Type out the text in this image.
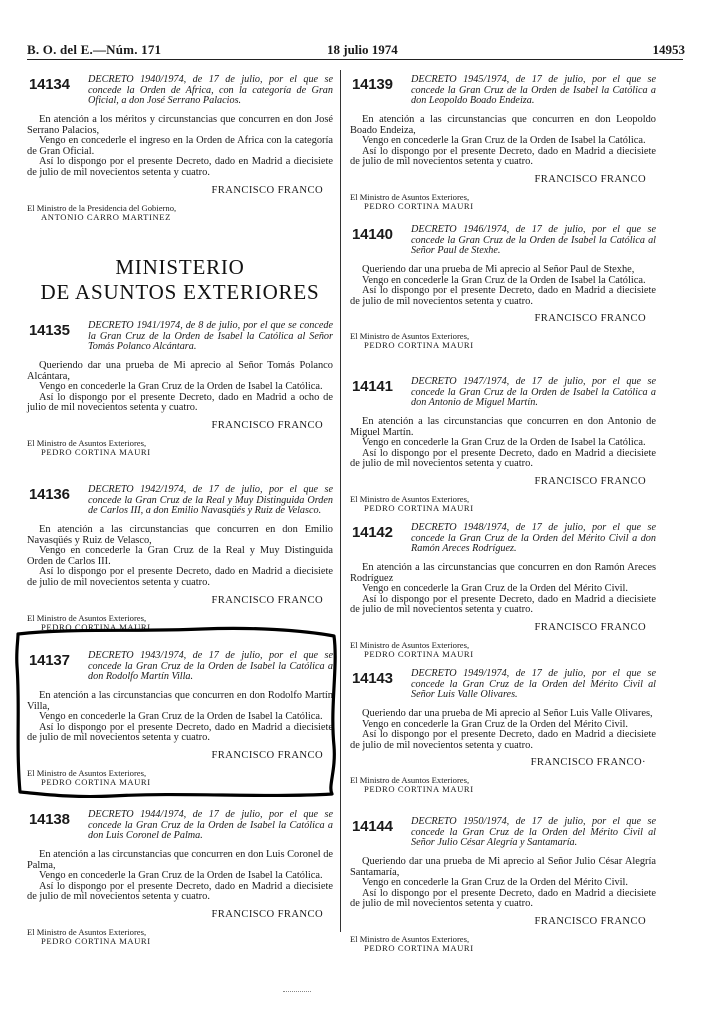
B. O. del E.—Núm. 171	18 julio 1974	14953
14134 DECRETO 1940/1974, de 17 de julio, por el que se concede la Orden de Africa, con la categoría de Gran Oficial, a don José Serrano Palacios.

En atención a los méritos y circunstancias que concurren en don José Serrano Palacios,

Vengo en concederle el ingreso en la Orden de Africa con la categoría de Gran Oficial.

Así lo dispongo por el presente Decreto, dado en Madrid a diecisiete de julio de mil novecientos setenta y cuatro.

FRANCISCO FRANCO
El Ministro de la Presidencia del Gobierno,
ANTONIO CARRO MARTINEZ
MINISTERIO
DE ASUNTOS EXTERIORES
14135 DECRETO 1941/1974, de 8 de julio, por el que se concede la Gran Cruz de la Orden de Isabel la Católica al Señor Tomás Polanco Alcántara.

Queriendo dar una prueba de Mi aprecio al Señor Tomás Polanco Alcántara,

Vengo en concederle la Gran Cruz de la Orden de Isabel la Católica.

Así lo dispongo por el presente Decreto, dado en Madrid a ocho de julio de mil novecientos setenta y cuatro.

FRANCISCO FRANCO
El Ministro de Asuntos Exteriores,
PEDRO CORTINA MAURI
14136 DECRETO 1942/1974, de 17 de julio, por el que se concede la Gran Cruz de la Real y Muy Distinguida Orden de Carlos III, a don Emilio Navasqüés y Ruiz de Velasco.

En atención a las circunstancias que concurren en don Emilio Navasqüés y Ruiz de Velasco,

Vengo en concederle la Gran Cruz de la Real y Muy Distinguida Orden de Carlos III.

Así lo dispongo por el presente Decreto, dado en Madrid a diecisiete de julio de mil novecientos setenta y cuatro.

FRANCISCO FRANCO
El Ministro de Asuntos Exteriores,
PEDRO CORTINA MAURI
14137 DECRETO 1943/1974, de 17 de julio, por el que se concede la Gran Cruz de la Orden de Isabel la Católica a don Rodolfo Martín Villa.

En atención a las circunstancias que concurren en don Rodolfo Martín Villa,

Vengo en concederle la Gran Cruz de la Orden de Isabel la Católica.

Así lo dispongo por el presente Decreto, dado en Madrid a diecisiete de julio de mil novecientos setenta y cuatro.

FRANCISCO FRANCO
El Ministro de Asuntos Exteriores,
PEDRO CORTINA MAURI
14138 DECRETO 1944/1974, de 17 de julio, por el que se concede la Gran Cruz de la Orden de Isabel la Católica a don Luis Coronel de Palma.

En atención a las circunstancias que concurren en don Luis Coronel de Palma,

Vengo en concederle la Gran Cruz de la Orden de Isabel la Católica.

Así lo dispongo por el presente Decreto, dado en Madrid a diecisiete de julio de mil novecientos setenta y cuatro.

FRANCISCO FRANCO
El Ministro de Asuntos Exteriores,
PEDRO CORTINA MAURI
14139 DECRETO 1945/1974, de 17 de julio, por el que se concede la Gran Cruz de la Orden de Isabel la Católica a don Leopoldo Boado Endeiza.

En atención a las circunstancias que concurren en don Leopoldo Boado Endeiza,

Vengo en concederle la Gran Cruz de la Orden de Isabel la Católica.

Así lo dispongo por el presente Decreto, dado en Madrid a diecisiete de julio de mil novecientos setenta y cuatro.

FRANCISCO FRANCO
El Ministro de Asuntos Exteriores,
PEDRO CORTINA MAURI
14140 DECRETO 1946/1974, de 17 de julio, por el que se concede la Gran Cruz de la Orden de Isabel la Católica al Señor Paul de Stexhe.

Queriendo dar una prueba de Mi aprecio al Señor Paul de Stexhe,

Vengo en concederle la Gran Cruz de la Orden de Isabel la Católica.

Así lo dispongo por el presente Decreto, dado en Madrid a diecisiete de julio de mil novecientos setenta y cuatro.

FRANCISCO FRANCO
El Ministro de Asuntos Exteriores,
PEDRO CORTINA MAURI
14141 DECRETO 1947/1974, de 17 de julio, por el que se concede la Gran Cruz de la Orden de Isabel la Católica a don Antonio de Miguel Martín.

En atención a las circunstancias que concurren en don Antonio de Miguel Martín.

Vengo en concederle la Gran Cruz de la Orden de Isabel la Católica.

Así lo dispongo por el presente Decreto, dado en Madrid a diecisiete de julio de mil novecientos setenta y cuatro.

FRANCISCO FRANCO
El Ministro de Asuntos Exteriores,
PEDRO CORTINA MAURI
14142 DECRETO 1948/1974, de 17 de julio, por el que se concede la Gran Cruz de la Orden del Mérito Civil a don Ramón Areces Rodríguez.

En atención a las circunstancias que concurren en don Ramón Areces Rodríguez

Vengo en concederle la Gran Cruz de la Orden del Mérito Civil.

Así lo dispongo por el presente Decreto, dado en Madrid a diecisiete de julio de mil novecientos setenta y cuatro.

FRANCISCO FRANCO
El Ministro de Asuntos Exteriores,
PEDRO CORTINA MAURI
14143 DECRETO 1949/1974, de 17 de julio, por el que se concede la Gran Cruz de la Orden del Mérito Civil al Señor Luis Valle Olivares.

Queriendo dar una prueba de Mi aprecio al Señor Luis Valle Olivares,

Vengo en concederle la Gran Cruz de la Orden del Mérito Civil.

Así lo dispongo por el presente Decreto, dado en Madrid a diecisiete de julio de mil novecientos setenta y cuatro.

FRANCISCO FRANCO·
El Ministro de Asuntos Exteriores,
PEDRO CORTINA MAURI
14144 DECRETO 1950/1974, de 17 de julio, por el que se concede la Gran Cruz de la Orden del Mérito Civil al Señor Julio César Alegría y Santamaría.

Queriendo dar una prueba de Mi aprecio al Señor Julio César Alegría Santamaría,

Vengo en concederle la Gran Cruz de la Orden del Mérito Civil.

Así lo dispongo por el presente Decreto, dado en Madrid a diecisiete de julio de mil novecientos setenta y cuatro.

FRANCISCO FRANCO
El Ministro de Asuntos Exteriores,
PEDRO CORTINA MAURI
